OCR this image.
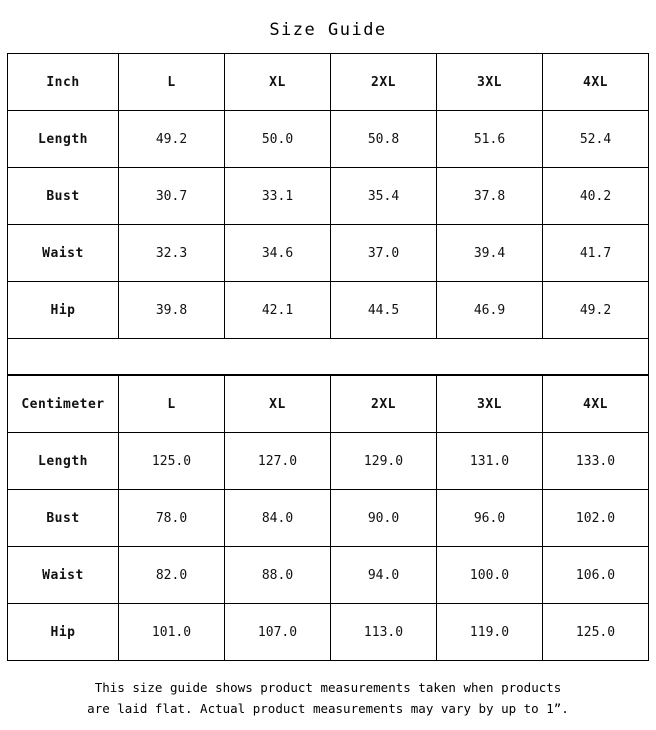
Size Guide
Inch	L	XL	2XL	3XL	4XL
Length	49.2	50.0	50.8	51.6	52.4
Bust	30.7	33.1	35.4	37.8	40.2
Waist	32.3	34.6	37.0	39.4	41.7
Hip	39.8	42.1	44.5	46.9	49.2
Centimeter	L	XL	2XL	3XL	4XL
Length	125.0	127.0	129.0	131.0	133.0
Bust	78.0	84.0	90.0	96.0	102.0
Waist	82.0	88.0	94.0	100.0	106.0
Hip	101.0	107.0	113.0	119.0	125.0
This size guide shows product measurements taken when products
are laid flat. Actual product measurements may vary by up to 1”.
